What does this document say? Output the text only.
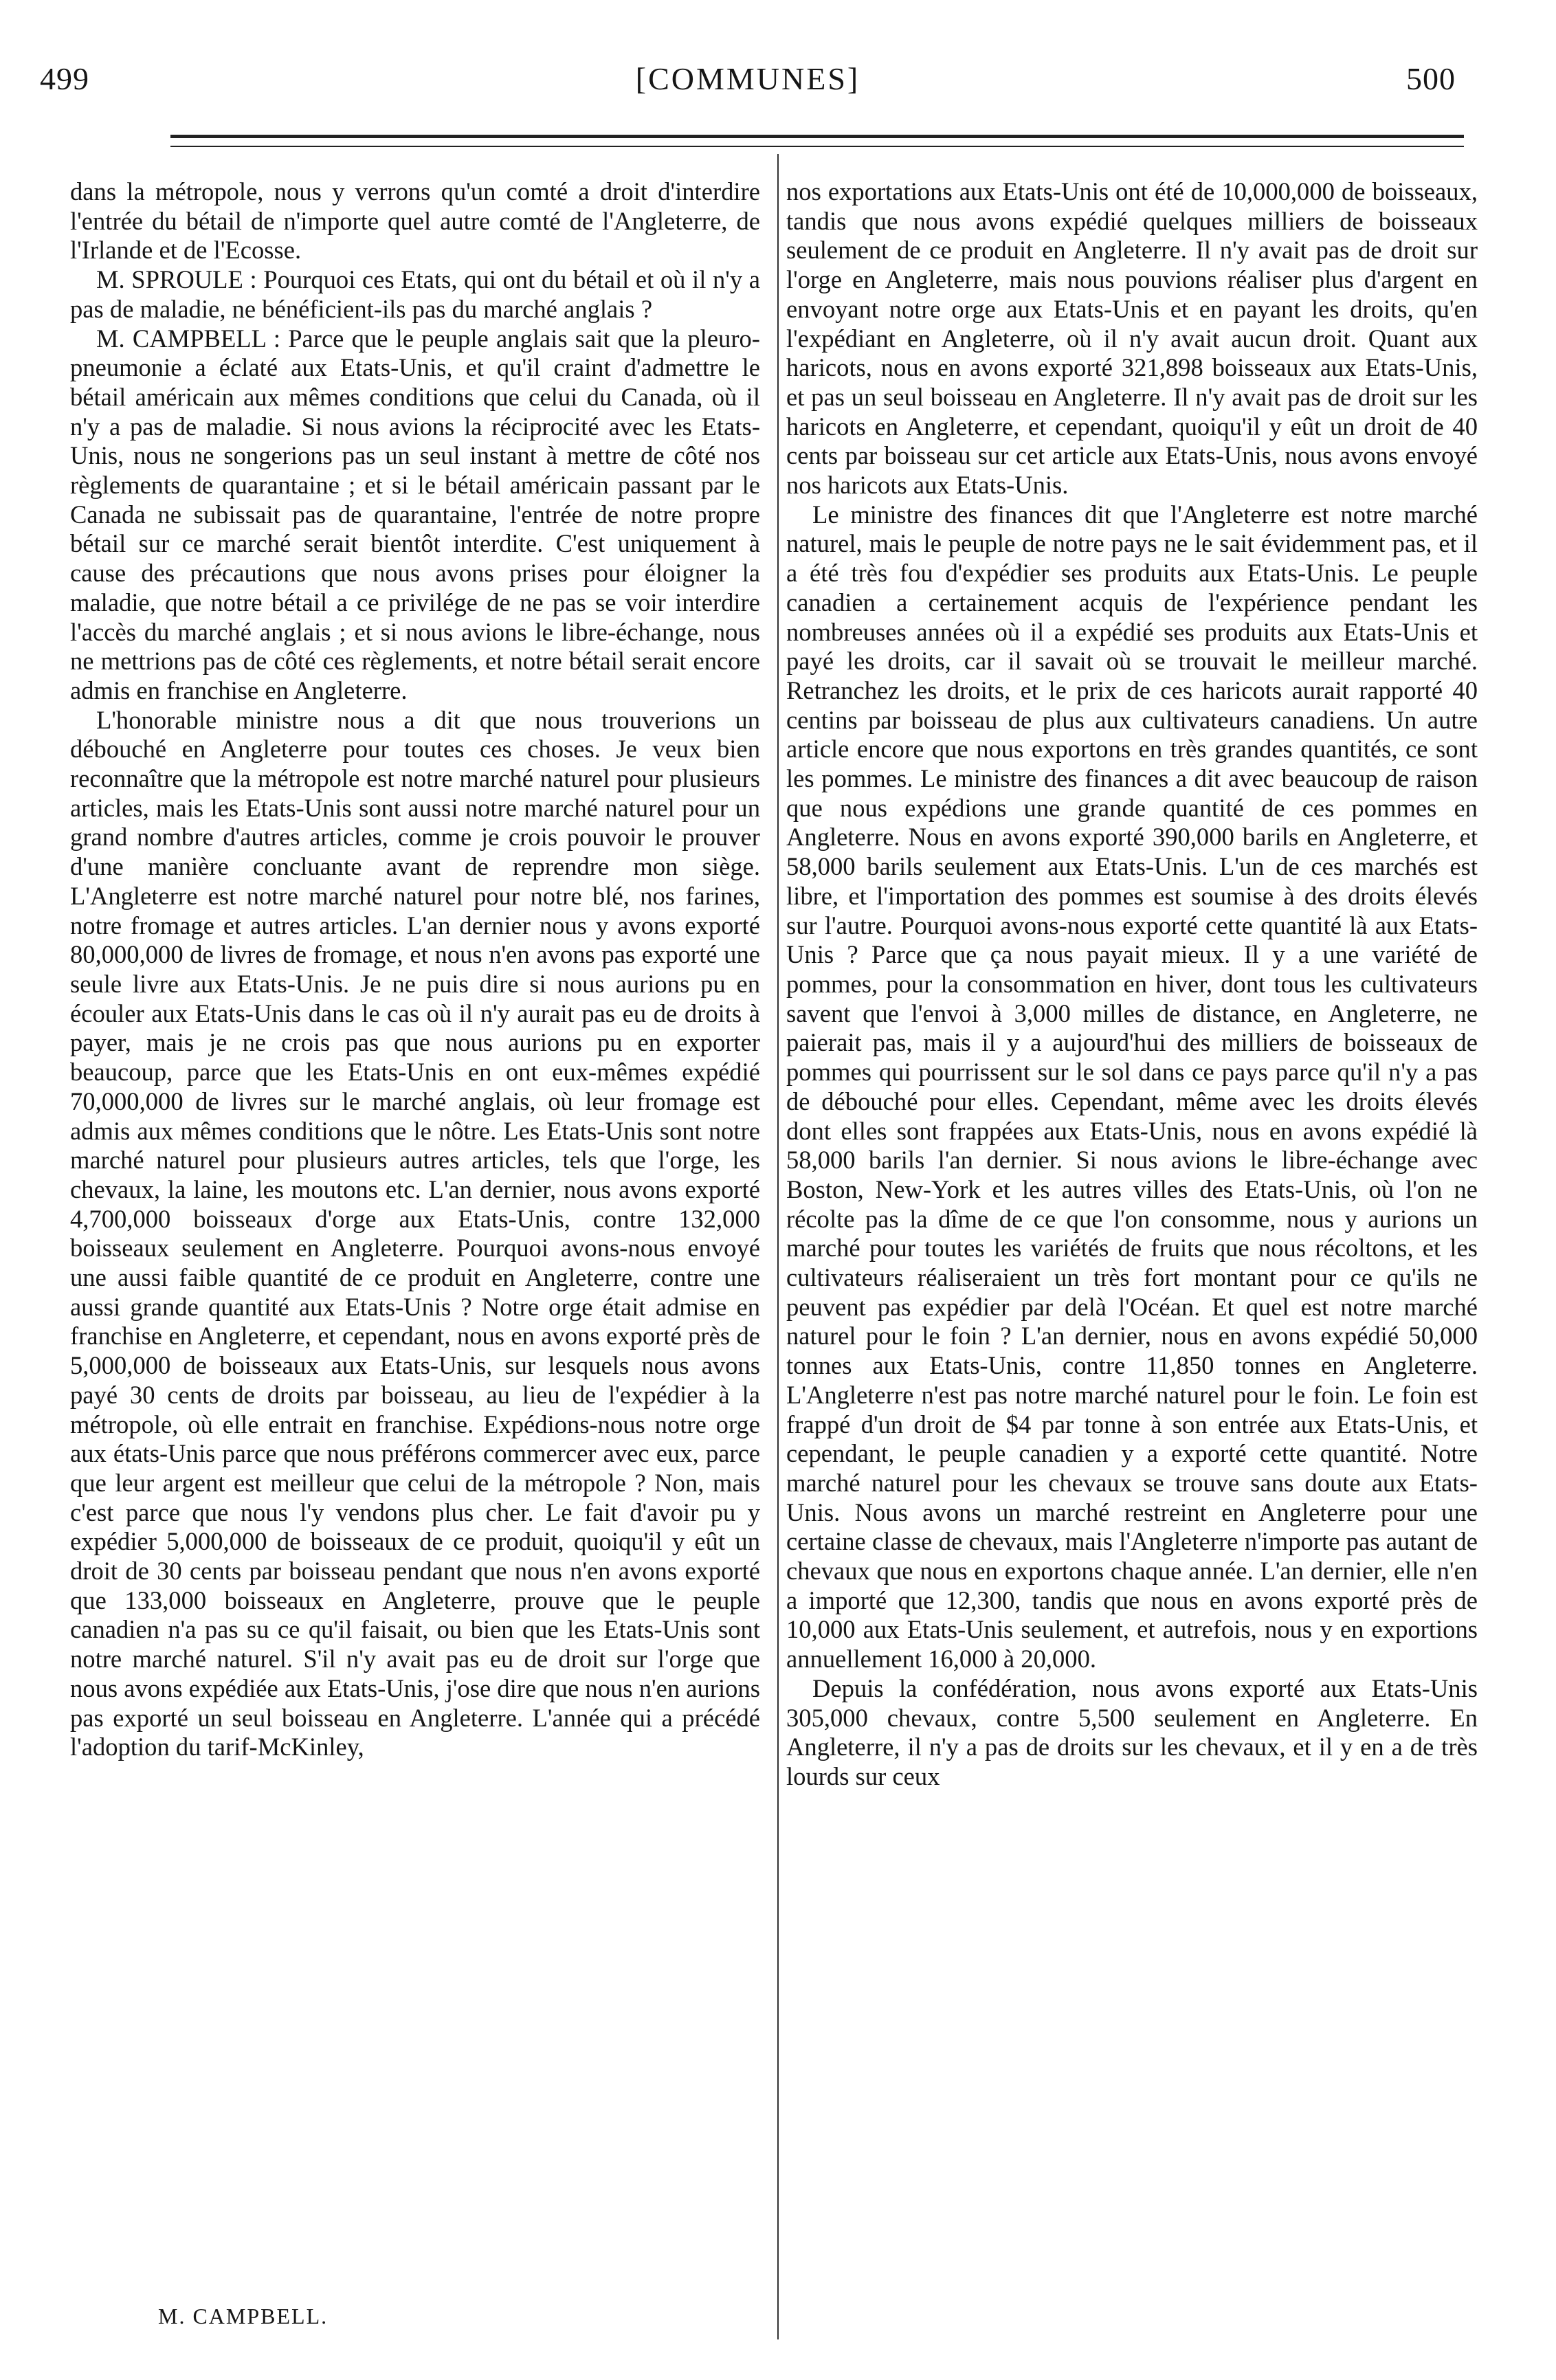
499	[COMMUNES]	500

dans la métropole, nous y verrons qu'un comté a droit d'interdire l'entrée du bétail de n'importe quel autre comté de l'Angleterre, de l'Irlande et de l'Ecosse.

M. SPROULE : Pourquoi ces Etats, qui ont du bétail et où il n'y a pas de maladie, ne bénéficient-ils pas du marché anglais ?

M. CAMPBELL : Parce que le peuple anglais sait que la pleuro-pneumonie a éclaté aux Etats-Unis, et qu'il craint d'admettre le bétail américain aux mêmes conditions que celui du Canada, où il n'y a pas de maladie. Si nous avions la réciprocité avec les Etats-Unis, nous ne songerions pas un seul instant à mettre de côté nos règlements de quarantaine ; et si le bétail américain passant par le Canada ne subissait pas de quarantaine, l'entrée de notre propre bétail sur ce marché serait bientôt interdite. C'est uniquement à cause des précautions que nous avons prises pour éloigner la maladie, que notre bétail a ce privilége de ne pas se voir interdire l'accès du marché anglais ; et si nous avions le libre-échange, nous ne mettrions pas de côté ces règlements, et notre bétail serait encore admis en franchise en Angleterre.

L'honorable ministre nous a dit que nous trouverions un débouché en Angleterre pour toutes ces choses. Je veux bien reconnaître que la métropole est notre marché naturel pour plusieurs articles, mais les Etats-Unis sont aussi notre marché naturel pour un grand nombre d'autres articles, comme je crois pouvoir le prouver d'une manière concluante avant de reprendre mon siège. L'Angleterre est notre marché naturel pour notre blé, nos farines, notre fromage et autres articles. L'an dernier nous y avons exporté 80,000,000 de livres de fromage, et nous n'en avons pas exporté une seule livre aux Etats-Unis. Je ne puis dire si nous aurions pu en écouler aux Etats-Unis dans le cas où il n'y aurait pas eu de droits à payer, mais je ne crois pas que nous aurions pu en exporter beaucoup, parce que les Etats-Unis en ont eux-mêmes expédié 70,000,000 de livres sur le marché anglais, où leur fromage est admis aux mêmes conditions que le nôtre. Les Etats-Unis sont notre marché naturel pour plusieurs autres articles, tels que l'orge, les chevaux, la laine, les moutons etc. L'an dernier, nous avons exporté 4,700,000 boisseaux d'orge aux Etats-Unis, contre 132,000 boisseaux seulement en Angleterre. Pourquoi avons-nous envoyé une aussi faible quantité de ce produit en Angleterre, contre une aussi grande quantité aux Etats-Unis ? Notre orge était admise en franchise en Angleterre, et cependant, nous en avons exporté près de 5,000,000 de boisseaux aux Etats-Unis, sur lesquels nous avons payé 30 cents de droits par boisseau, au lieu de l'expédier à la métropole, où elle entrait en franchise. Expédions-nous notre orge aux états-Unis parce que nous préférons commercer avec eux, parce que leur argent est meilleur que celui de la métropole ? Non, mais c'est parce que nous l'y vendons plus cher. Le fait d'avoir pu y expédier 5,000,000 de boisseaux de ce produit, quoiqu'il y eût un droit de 30 cents par boisseau pendant que nous n'en avons exporté que 133,000 boisseaux en Angleterre, prouve que le peuple canadien n'a pas su ce qu'il faisait, ou bien que les Etats-Unis sont notre marché naturel. S'il n'y avait pas eu de droit sur l'orge que nous avons expédiée aux Etats-Unis, j'ose dire que nous n'en aurions pas exporté un seul boisseau en Angleterre. L'année qui a précédé l'adoption du tarif-McKinley,

nos exportations aux Etats-Unis ont été de 10,000,000 de boisseaux, tandis que nous avons expédié quelques milliers de boisseaux seulement de ce produit en Angleterre. Il n'y avait pas de droit sur l'orge en Angleterre, mais nous pouvions réaliser plus d'argent en envoyant notre orge aux Etats-Unis et en payant les droits, qu'en l'expédiant en Angleterre, où il n'y avait aucun droit. Quant aux haricots, nous en avons exporté 321,898 boisseaux aux Etats-Unis, et pas un seul boisseau en Angleterre. Il n'y avait pas de droit sur les haricots en Angleterre, et cependant, quoiqu'il y eût un droit de 40 cents par boisseau sur cet article aux Etats-Unis, nous avons envoyé nos haricots aux Etats-Unis.

Le ministre des finances dit que l'Angleterre est notre marché naturel, mais le peuple de notre pays ne le sait évidemment pas, et il a été très fou d'expédier ses produits aux Etats-Unis. Le peuple canadien a certainement acquis de l'expérience pendant les nombreuses années où il a expédié ses produits aux Etats-Unis et payé les droits, car il savait où se trouvait le meilleur marché. Retranchez les droits, et le prix de ces haricots aurait rapporté 40 centins par boisseau de plus aux cultivateurs canadiens. Un autre article encore que nous exportons en très grandes quantités, ce sont les pommes. Le ministre des finances a dit avec beaucoup de raison que nous expédions une grande quantité de ces pommes en Angleterre. Nous en avons exporté 390,000 barils en Angleterre, et 58,000 barils seulement aux Etats-Unis. L'un de ces marchés est libre, et l'importation des pommes est soumise à des droits élevés sur l'autre. Pourquoi avons-nous exporté cette quantité là aux Etats-Unis ? Parce que ça nous payait mieux. Il y a une variété de pommes, pour la consommation en hiver, dont tous les cultivateurs savent que l'envoi à 3,000 milles de distance, en Angleterre, ne paierait pas, mais il y a aujourd'hui des milliers de boisseaux de pommes qui pourrissent sur le sol dans ce pays parce qu'il n'y a pas de débouché pour elles. Cependant, même avec les droits élevés dont elles sont frappées aux Etats-Unis, nous en avons expédié là 58,000 barils l'an dernier. Si nous avions le libre-échange avec Boston, New-York et les autres villes des Etats-Unis, où l'on ne récolte pas la dîme de ce que l'on consomme, nous y aurions un marché pour toutes les variétés de fruits que nous récoltons, et les cultivateurs réaliseraient un très fort montant pour ce qu'ils ne peuvent pas expédier par delà l'Océan. Et quel est notre marché naturel pour le foin ? L'an dernier, nous en avons expédié 50,000 tonnes aux Etats-Unis, contre 11,850 tonnes en Angleterre. L'Angleterre n'est pas notre marché naturel pour le foin. Le foin est frappé d'un droit de $4 par tonne à son entrée aux Etats-Unis, et cependant, le peuple canadien y a exporté cette quantité. Notre marché naturel pour les chevaux se trouve sans doute aux Etats-Unis. Nous avons un marché restreint en Angleterre pour une certaine classe de chevaux, mais l'Angleterre n'importe pas autant de chevaux que nous en exportons chaque année. L'an dernier, elle n'en a importé que 12,300, tandis que nous en avons exporté près de 10,000 aux Etats-Unis seulement, et autrefois, nous y en exportions annuellement 16,000 à 20,000.

Depuis la confédération, nous avons exporté aux Etats-Unis 305,000 chevaux, contre 5,500 seulement en Angleterre. En Angleterre, il n'y a pas de droits sur les chevaux, et il y en a de très lourds sur ceux

M. CAMPBELL.
